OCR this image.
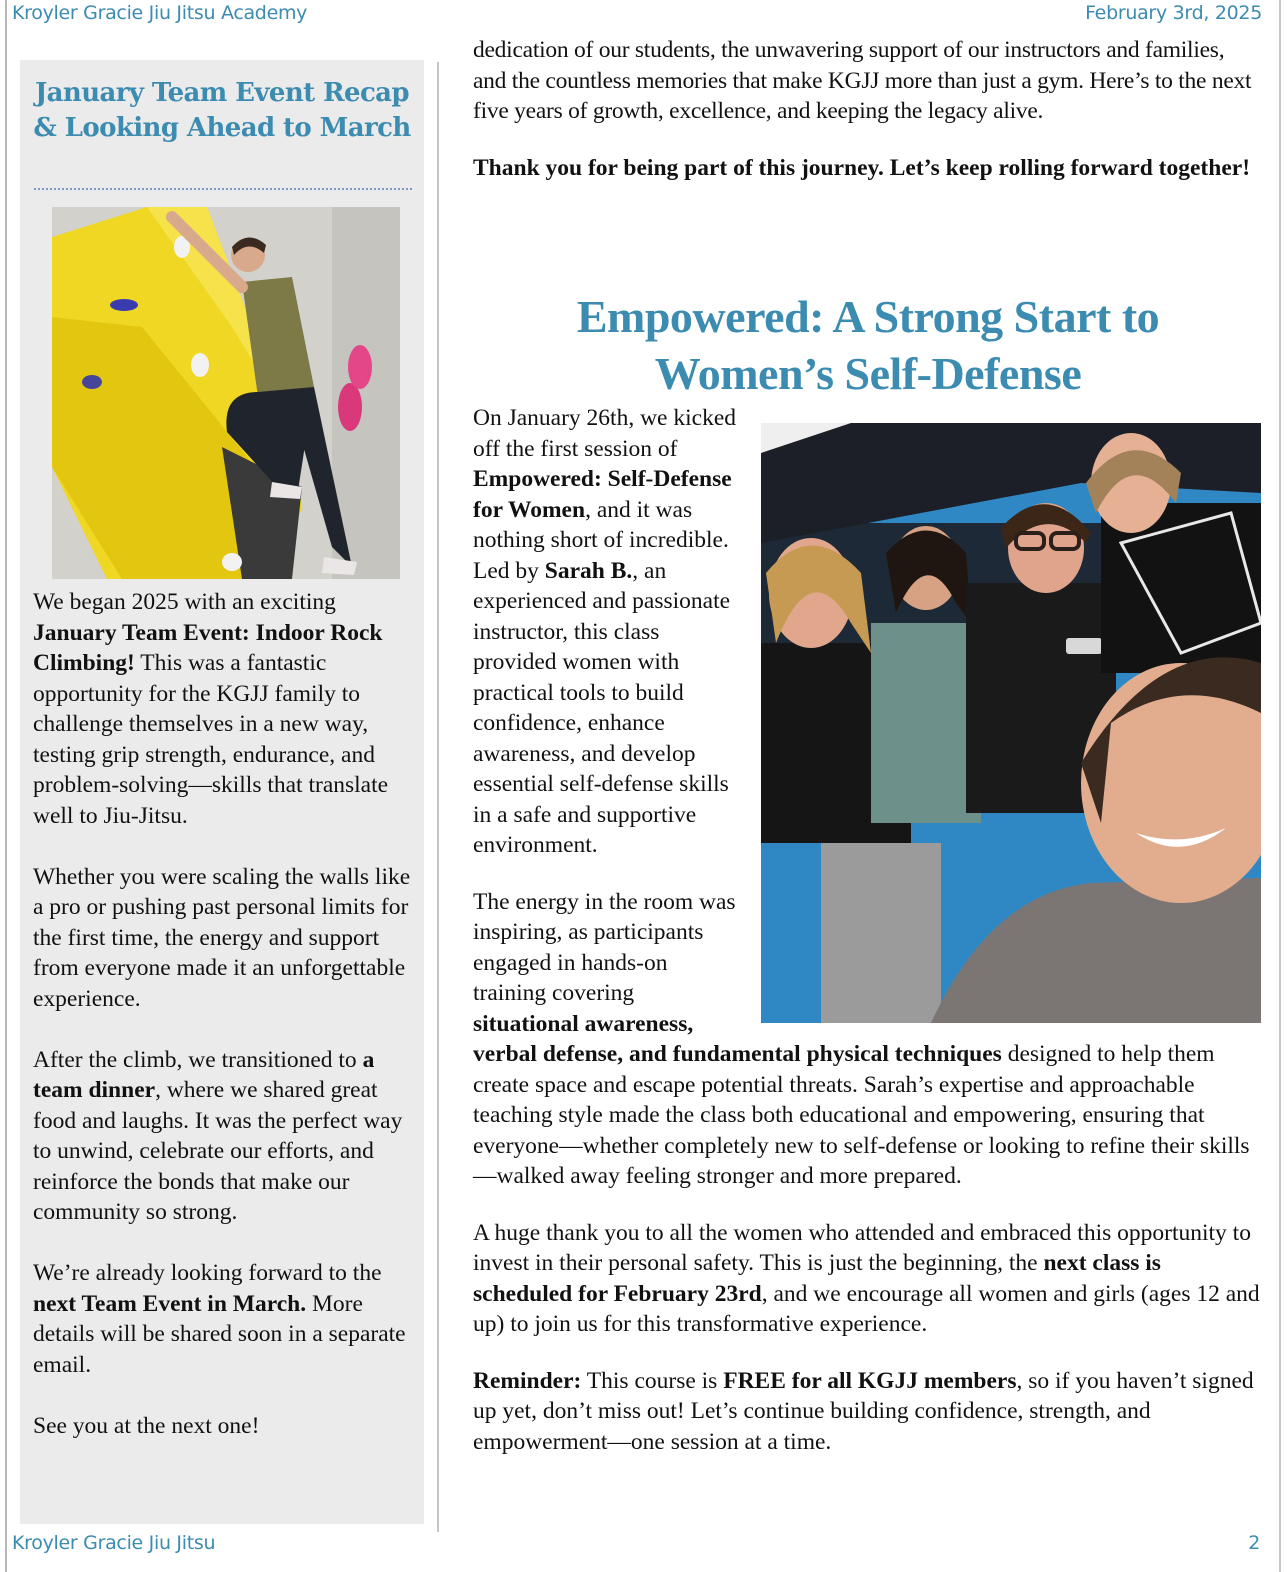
Kroyler Gracie Jiu Jitsu Academy	February 3rd, 2025
January Team Event Recap & Looking Ahead to March

We began 2025 with an exciting January Team Event: Indoor Rock Climbing! This was a fantastic opportunity for the KGJJ family to challenge themselves in a new way, testing grip strength, endurance, and problem-solving—skills that translate well to Jiu-Jitsu.

Whether you were scaling the walls like a pro or pushing past personal limits for the first time, the energy and support from everyone made it an unforgettable experience.

After the climb, we transitioned to a team dinner, where we shared great food and laughs. It was the perfect way to unwind, celebrate our efforts, and reinforce the bonds that make our community so strong.

We’re already looking forward to the next Team Event in March. More details will be shared soon in a separate email.

See you at the next one!

dedication of our students, the unwavering support of our instructors and families, and the countless memories that make KGJJ more than just a gym. Here’s to the next five years of growth, excellence, and keeping the legacy alive.

Thank you for being part of this journey. Let’s keep rolling forward together!

Empowered: A Strong Start to
Women’s Self-Defense

On January 26th, we kicked off the first session of Empowered: Self-Defense for Women, and it was nothing short of incredible. Led by Sarah B., an experienced and passionate instructor, this class provided women with practical tools to build confidence, enhance awareness, and develop essential self-defense skills in a safe and supportive environment.

The energy in the room was inspiring, as participants engaged in hands-on training covering situational awareness, verbal defense, and fundamental physical techniques designed to help them create space and escape potential threats. Sarah’s expertise and approachable teaching style made the class both educational and empowering, ensuring that everyone—whether completely new to self-defense or looking to refine their skills—walked away feeling stronger and more prepared.

A huge thank you to all the women who attended and embraced this opportunity to invest in their personal safety. This is just the beginning, the next class is scheduled for February 23rd, and we encourage all women and girls (ages 12 and up) to join us for this transformative experience.

Reminder: This course is FREE for all KGJJ members, so if you haven’t signed up yet, don’t miss out! Let’s continue building confidence, strength, and empowerment—one session at a time.

Kroyler Gracie Jiu Jitsu	2
